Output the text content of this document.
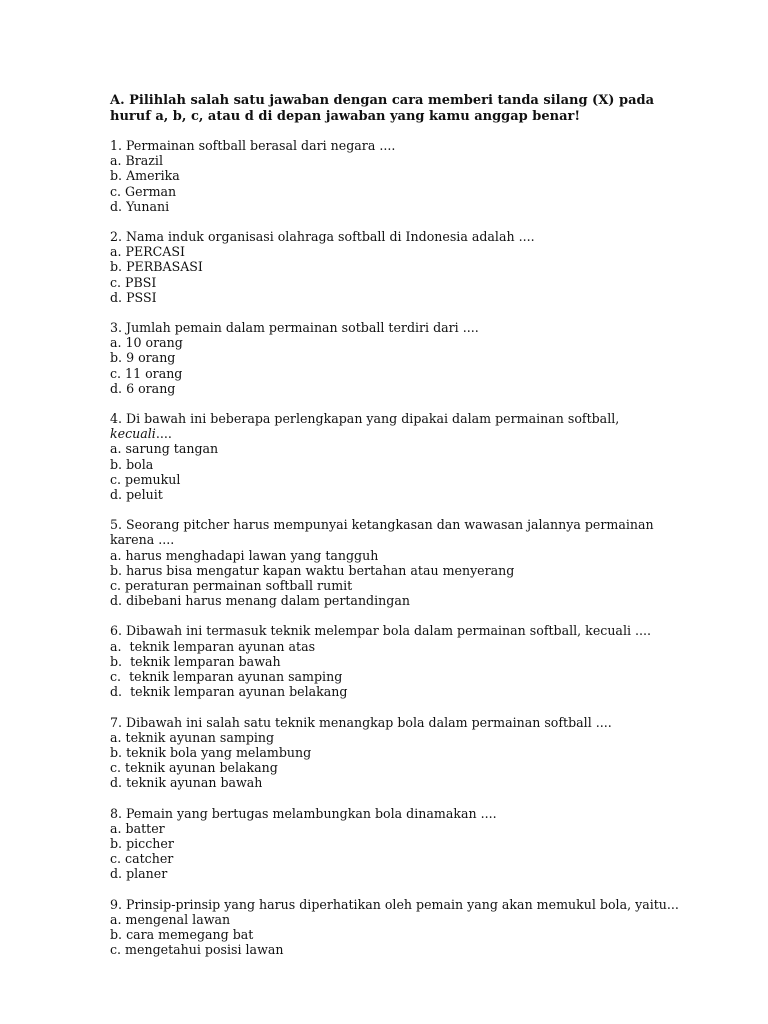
A. Pilihlah salah satu jawaban dengan cara memberi tanda silang (X) pada huruf a, b, c, atau d di depan jawaban yang kamu anggap benar!
1. Permainan softball berasal dari negara ....
a. Brazil
b. Amerika
c. German
d. Yunani
2. Nama induk organisasi olahraga softball di Indonesia adalah ....
a. PERCASI
b. PERBASASI
c. PBSI
d. PSSI
3. Jumlah pemain dalam permainan sotball terdiri dari ....
a. 10 orang
b. 9 orang
c. 11 orang
d. 6 orang
4. Di bawah ini beberapa perlengkapan yang dipakai dalam permainan softball, kecuali....
a. sarung tangan
b. bola
c. pemukul
d. peluit
5. Seorang pitcher harus mempunyai ketangkasan dan wawasan jalannya permainan karena ....
a. harus menghadapi lawan yang tangguh
b. harus bisa mengatur kapan waktu bertahan atau menyerang
c. peraturan permainan softball rumit
d. dibebani harus menang dalam pertandingan
6. Dibawah ini termasuk teknik melempar bola dalam permainan softball, kecuali ....
a.  teknik lemparan ayunan atas
b.  teknik lemparan bawah
c.  teknik lemparan ayunan samping
d.  teknik lemparan ayunan belakang
7. Dibawah ini salah satu teknik menangkap bola dalam permainan softball ....
a. teknik ayunan samping
b. teknik bola yang melambung
c. teknik ayunan belakang
d. teknik ayunan bawah
8. Pemain yang bertugas melambungkan bola dinamakan ....
a. batter
b. piccher
c. catcher
d. planer
9. Prinsip-prinsip yang harus diperhatikan oleh pemain yang akan memukul bola, yaitu...
a. mengenal lawan
b. cara memegang bat
c. mengetahui posisi lawan
